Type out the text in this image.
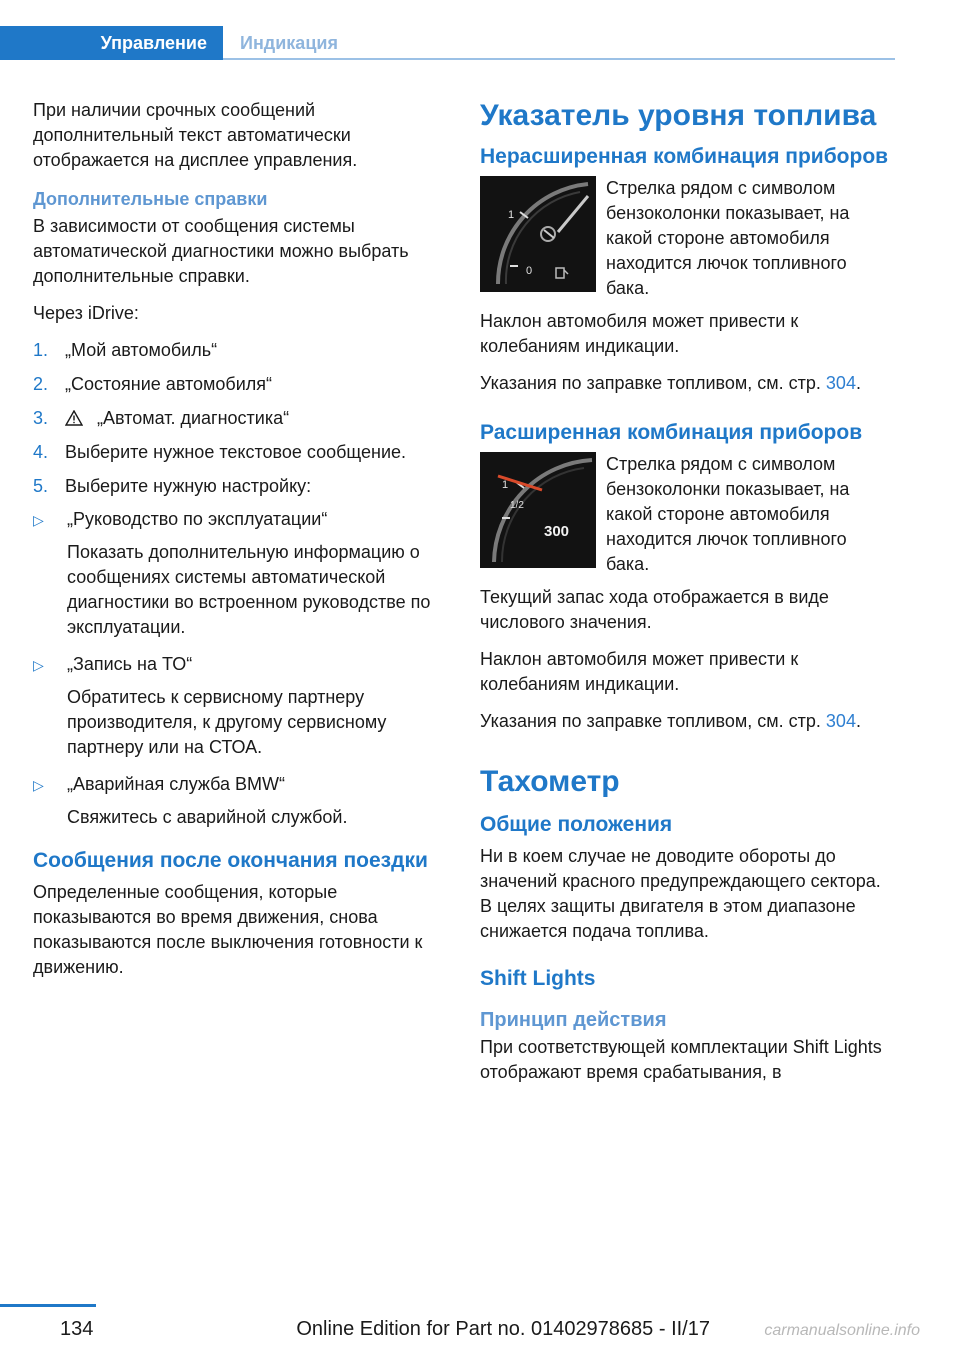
Управление	Индикация

При наличии срочных сообщений дополнительный текст автоматически отображается на дисплее управления.

Дополнительные справки

В зависимости от сообщения системы автоматической диагностики можно выбрать дополнительные справки.

Через iDrive:

1. „Мой автомобиль“
2. „Состояние автомобиля“
3.	„Автомат. диагностика“
4. Выберите нужное текстовое сообщение.
5. Выберите нужную настройку:
▷ „Руководство по эксплуатации“
Показать дополнительную информацию о сообщениях системы автоматической диагностики во встроенном руководстве по эксплуатации.
▷ „Запись на ТО“
Обратитесь к сервисному партнеру производителя, к другому сервисному партнеру или на СТОА.
▷ „Аварийная служба BMW“
Свяжитесь с аварийной службой.
Сообщения после окончания поездки

Определенные сообщения, которые показываются во время движения, снова показываются после выключения готовности к движению.

Указатель уровня топлива
Нерасширенная комбинация приборов
1
0
Стрелка рядом с символом бензоколонки показывает, на какой стороне автомобиля находится лючок топливного бака.

Наклон автомобиля может привести к колебаниям индикации.

Указания по заправке топливом, см. стр. 304.

Расширенная комбинация приборов
1
1/2
300
Стрелка рядом с символом бензоколонки показывает, на какой стороне автомобиля находится лючок топливного бака.

Текущий запас хода отображается в виде числового значения.

Наклон автомобиля может привести к колебаниям индикации.

Указания по заправке топливом, см. стр. 304.

Тахометр
Общие положения

Ни в коем случае не доводите обороты до значений красного предупреждающего сектора. В целях защиты двигателя в этом диапазоне снижается подача топлива.

Shift Lights
Принцип действия

При соответствующей комплектации Shift Lights отображают время срабатывания, в

134	Online Edition for Part no. 01402978685 - II/17	carmanualsonline.info
